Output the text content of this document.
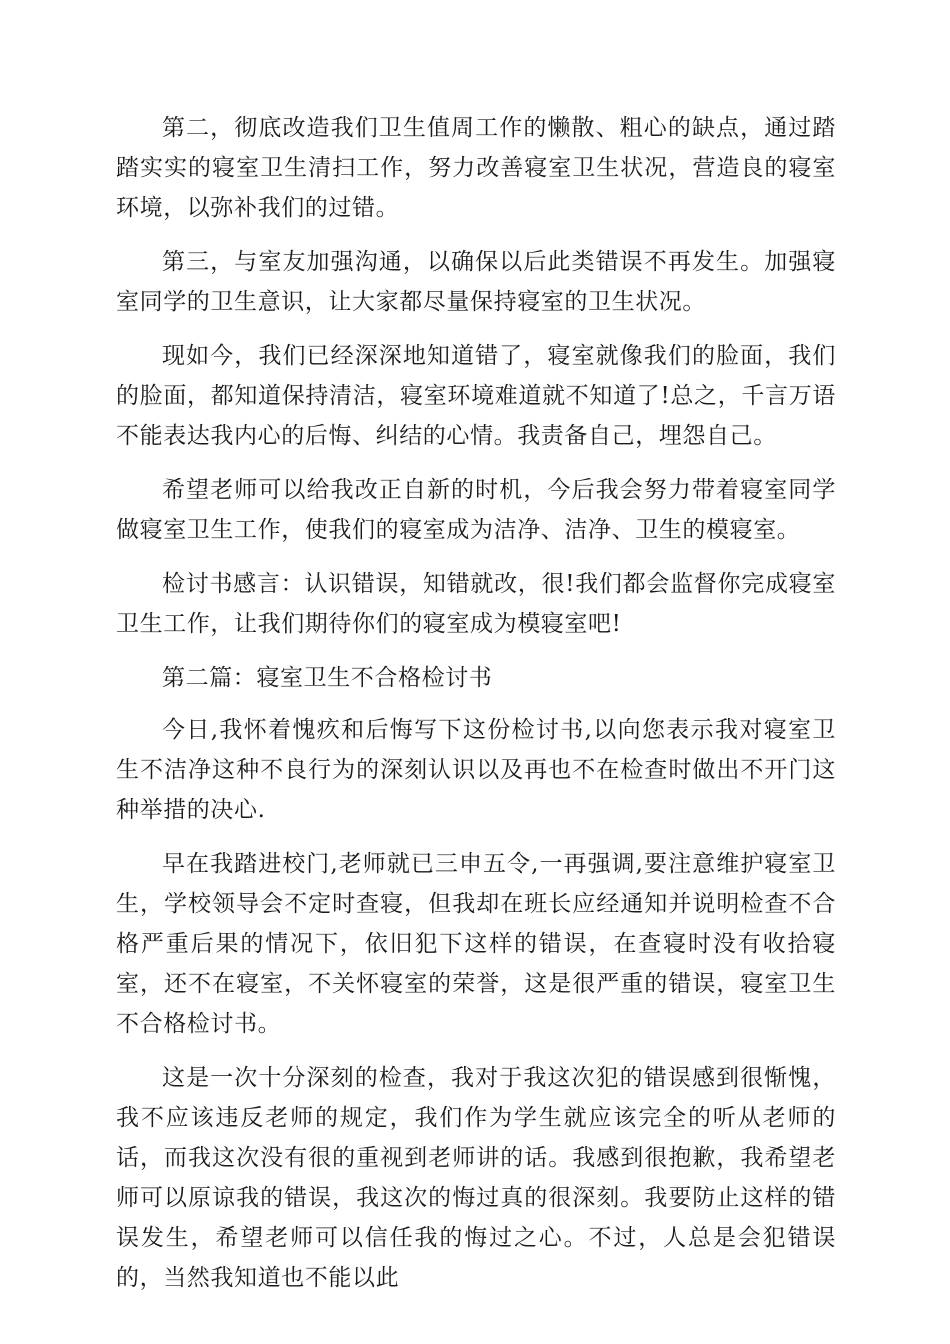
第二，彻底改造我们卫生值周工作的懒散、粗心的缺点，通过踏踏实实的寝室卫生清扫工作，努力改善寝室卫生状况，营造良的寝室环境，以弥补我们的过错。

第三，与室友加强沟通，以确保以后此类错误不再发生。加强寝室同学的卫生意识，让大家都尽量保持寝室的卫生状况。

现如今，我们已经深深地知道错了，寝室就像我们的脸面，我们的脸面，都知道保持清洁，寝室环境难道就不知道了!总之，千言万语不能表达我内心的后悔、纠结的心情。我责备自己，埋怨自己。

希望老师可以给我改正自新的时机，今后我会努力带着寝室同学做寝室卫生工作，使我们的寝室成为洁净、洁净、卫生的模寝室。

检讨书感言：认识错误，知错就改，很!我们都会监督你完成寝室卫生工作，让我们期待你们的寝室成为模寝室吧!

第二篇：寝室卫生不合格检讨书

今日,我怀着愧疚和后悔写下这份检讨书,以向您表示我对寝室卫生不洁净这种不良行为的深刻认识以及再也不在检查时做出不开门这种举措的决心.

早在我踏进校门,老师就已三申五令,一再强调,要注意维护寝室卫生，学校领导会不定时查寝，但我却在班长应经通知并说明检查不合格严重后果的情况下，依旧犯下这样的错误，在查寝时没有收拾寝室，还不在寝室，不关怀寝室的荣誉，这是很严重的错误，寝室卫生不合格检讨书。

这是一次十分深刻的检查，我对于我这次犯的错误感到很惭愧，我不应该违反老师的规定，我们作为学生就应该完全的听从老师的话，而我这次没有很的重视到老师讲的话。我感到很抱歉，我希望老师可以原谅我的错误，我这次的悔过真的很深刻。我要防止这样的错误发生，希望老师可以信任我的悔过之心。不过，人总是会犯错误的，当然我知道也不能以此
